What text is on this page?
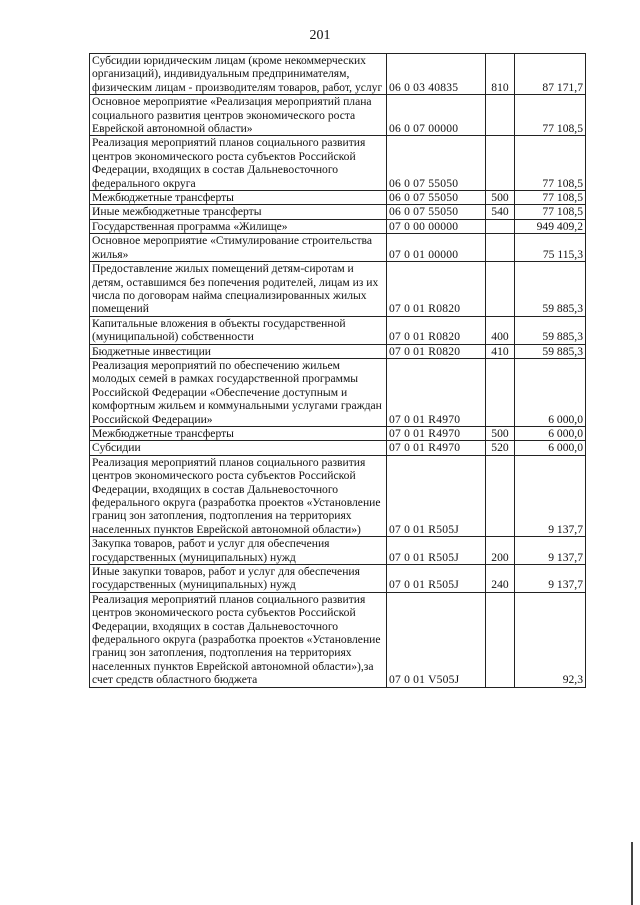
201
Субсидии юридическим лицам (кроме некоммерческих организаций), индивидуальным предпринимателям, физическим лицам - производителям товаров, работ, услуг	06 0 03 40835	810	87 171,7
Основное мероприятие «Реализация мероприятий плана социального развития центров экономического роста Еврейской автономной области»	06 0 07 00000		77 108,5
Реализация мероприятий планов социального развития центров экономического роста субъектов Российской Федерации, входящих в состав Дальневосточного федерального округа	06 0 07 55050		77 108,5
Межбюджетные трансферты	06 0 07 55050	500	77 108,5
Иные межбюджетные трансферты	06 0 07 55050	540	77 108,5
Государственная программа «Жилище»	07 0 00 00000		949 409,2
Основное мероприятие «Стимулирование строительства жилья»	07 0 01 00000		75 115,3
Предоставление жилых помещений детям-сиротам и детям, оставшимся без попечения родителей, лицам из их числа по договорам найма специализированных жилых помещений	07 0 01 R0820		59 885,3
Капитальные вложения в объекты государственной (муниципальной) собственности	07 0 01 R0820	400	59 885,3
Бюджетные инвестиции	07 0 01 R0820	410	59 885,3
Реализация мероприятий по обеспечению жильем молодых семей в рамках государственной программы Российской Федерации «Обеспечение доступным и комфортным жильем и коммунальными услугами граждан Российской Федерации»	07 0 01 R4970		6 000,0
Межбюджетные трансферты	07 0 01 R4970	500	6 000,0
Субсидии	07 0 01 R4970	520	6 000,0
Реализация мероприятий планов социального развития центров экономического роста субъектов Российской Федерации, входящих в состав Дальневосточного федерального округа (разработка проектов «Установление границ зон затопления, подтопления на территориях населенных пунктов Еврейской автономной области»)	07 0 01 R505J		9 137,7
Закупка товаров, работ и услуг для обеспечения государственных (муниципальных) нужд	07 0 01 R505J	200	9 137,7
Иные закупки товаров, работ и услуг для обеспечения государственных (муниципальных) нужд	07 0 01 R505J	240	9 137,7
Реализация мероприятий планов социального развития центров экономического роста субъектов Российской Федерации, входящих в состав Дальневосточного федерального округа (разработка проектов «Установление границ зон затопления, подтопления на территориях населенных пунктов Еврейской автономной области»),за счет средств областного бюджета	07 0 01 V505J		92,3
